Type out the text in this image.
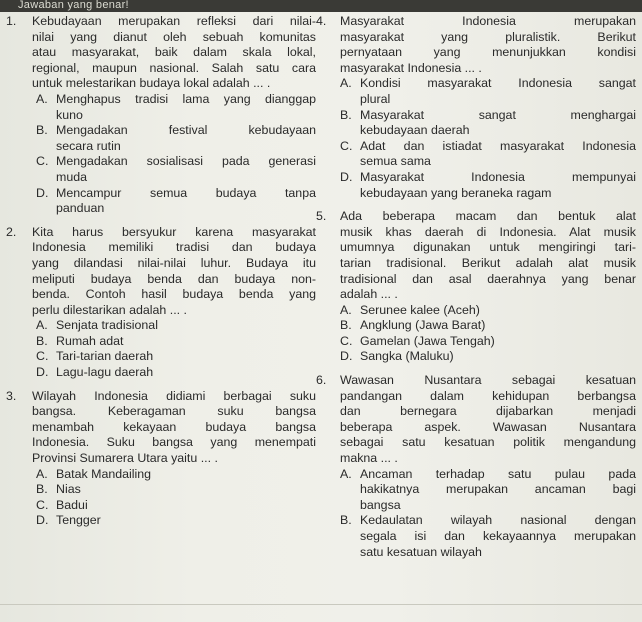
Jawaban yang benar!
1. Kebudayaan merupakan refleksi dari nilai-
nilai yang dianut oleh sebuah komunitas
atau masyarakat, baik dalam skala lokal,
regional, maupun nasional. Salah satu cara
untuk melestarikan budaya lokal adalah ... .
A. Menghapus tradisi lama yang dianggap
kuno
B. Mengadakan festival kebudayaan
secara rutin
C. Mengadakan sosialisasi pada generasi
muda
D. Mencampur semua budaya tanpa
panduan
2. Kita harus bersyukur karena masyarakat
Indonesia memiliki tradisi dan budaya
yang dilandasi nilai-nilai luhur. Budaya itu
meliputi budaya benda dan budaya non-
benda. Contoh hasil budaya benda yang
perlu dilestarikan adalah ... .
A. Senjata tradisional
B. Rumah adat
C. Tari-tarian daerah
D. Lagu-lagu daerah
3. Wilayah Indonesia didiami berbagai suku
bangsa. Keberagaman suku bangsa
menambah kekayaan budaya bangsa
Indonesia. Suku bangsa yang menempati
Provinsi Sumarera Utara yaitu ... .
A. Batak Mandailing
B. Nias
C. Badui
D. Tengger
4. Masyarakat Indonesia merupakan
masyarakat yang pluralistik. Berikut
pernyataan yang menunjukkan kondisi
masyarakat Indonesia ... .
A. Kondisi masyarakat Indonesia sangat
plural
B. Masyarakat sangat menghargai
kebudayaan daerah
C. Adat dan istiadat masyarakat Indonesia
semua sama
D. Masyarakat Indonesia mempunyai
kebudayaan yang beraneka ragam
5. Ada beberapa macam dan bentuk alat
musik khas daerah di Indonesia. Alat musik
umumnya digunakan untuk mengiringi tari-
tarian tradisional. Berikut adalah alat musik
tradisional dan asal daerahnya yang benar
adalah ... .
A. Serunee kalee (Aceh)
B. Angklung (Jawa Barat)
C. Gamelan (Jawa Tengah)
D. Sangka (Maluku)
6. Wawasan Nusantara sebagai kesatuan
pandangan dalam kehidupan berbangsa
dan bernegara dijabarkan menjadi
beberapa aspek. Wawasan Nusantara
sebagai satu kesatuan politik mengandung
makna ... .
A. Ancaman terhadap satu pulau pada
hakikatnya merupakan ancaman bagi
bangsa
B. Kedaulatan wilayah nasional dengan
segala isi dan kekayaannya merupakan
satu kesatuan wilayah
